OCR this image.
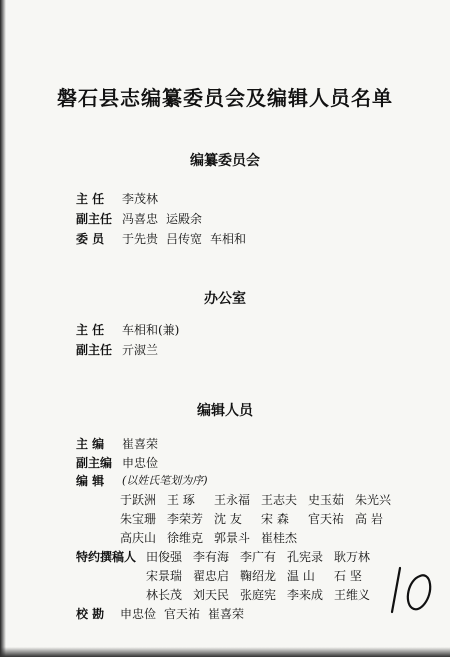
磐石县志编纂委员会及编辑人员名单
编纂委员会
主 任 李茂林
副主任 冯喜忠 运殿余
委 员 于先贵 吕传宽 车相和
办公室
主 任 车相和(兼)
副主任 亓淑兰
编辑人员
主 编 崔喜荣
副主编 申忠俭
编 辑 (以姓氏笔划为序)
于跃洲 王 琢 王永福 王志夫 史玉茹 朱光兴
朱宝珊 李荣芳 沈 友 宋 森 官天祐 高 岩
高庆山 徐维克 郭景斗 崔桂杰
特约撰稿人 田俊强 李有海 李广有 孔宪录 耿万林
宋景瑞 翟忠启 鞠绍龙 温 山 石 坚
林长茂 刘天民 张庭宪 李来成 王维义
校 勘 申忠俭 官天祐 崔喜荣
